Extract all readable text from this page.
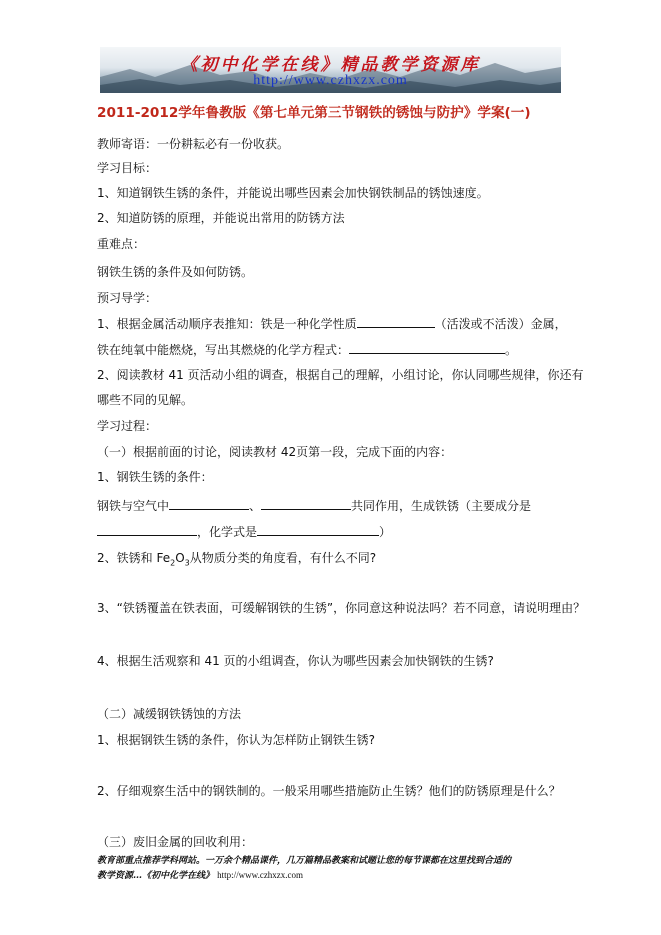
《初中化学在线》精品教学资源库
http://www.czhxzx.com
2011-2012学年鲁教版《第七单元第三节钢铁的锈蚀与防护》学案(一)
教师寄语：一份耕耘必有一份收获。
学习目标：
1、知道钢铁生锈的条件，并能说出哪些因素会加快钢铁制品的锈蚀速度。
2、知道防锈的原理，并能说出常用的防锈方法
重难点：
钢铁生锈的条件及如何防锈。
预习导学：
1、根据金属活动顺序表推知：铁是一种化学性质	（活泼或不活泼）金属，
铁在纯氧中能燃烧，写出其燃烧的化学方程式：	。
2、阅读教材 41 页活动小组的调查，根据自己的理解，小组讨论，你认同哪些规律，你还有
哪些不同的见解。
学习过程：
（一）根据前面的讨论，阅读教材 42页第一段，完成下面的内容：
1、钢铁生锈的条件：
钢铁与空气中	、	共同作用，生成铁锈（主要成分是
，化学式是	）
2、铁锈和 $Fe_2O_3$从物质分类的角度看，有什么不同?
3、“铁锈覆盖在铁表面，可缓解钢铁的生锈”，你同意这种说法吗？若不同意，请说明理由？
4、根据生活观察和 41 页的小组调查，你认为哪些因素会加快钢铁的生锈?
（二）减缓钢铁锈蚀的方法
1、根据钢铁生锈的条件，你认为怎样防止钢铁生锈?
2、仔细观察生活中的钢铁制的。一般采用哪些措施防止生锈？他们的防锈原理是什么？
（三）废旧金属的回收利用：
教育部重点推荐学科网站。一万余个精品课件，几万篇精品教案和试题让您的每节课都在这里找到合适的
教学资源…《初中化学在线》 http://www.czhxzx.com
